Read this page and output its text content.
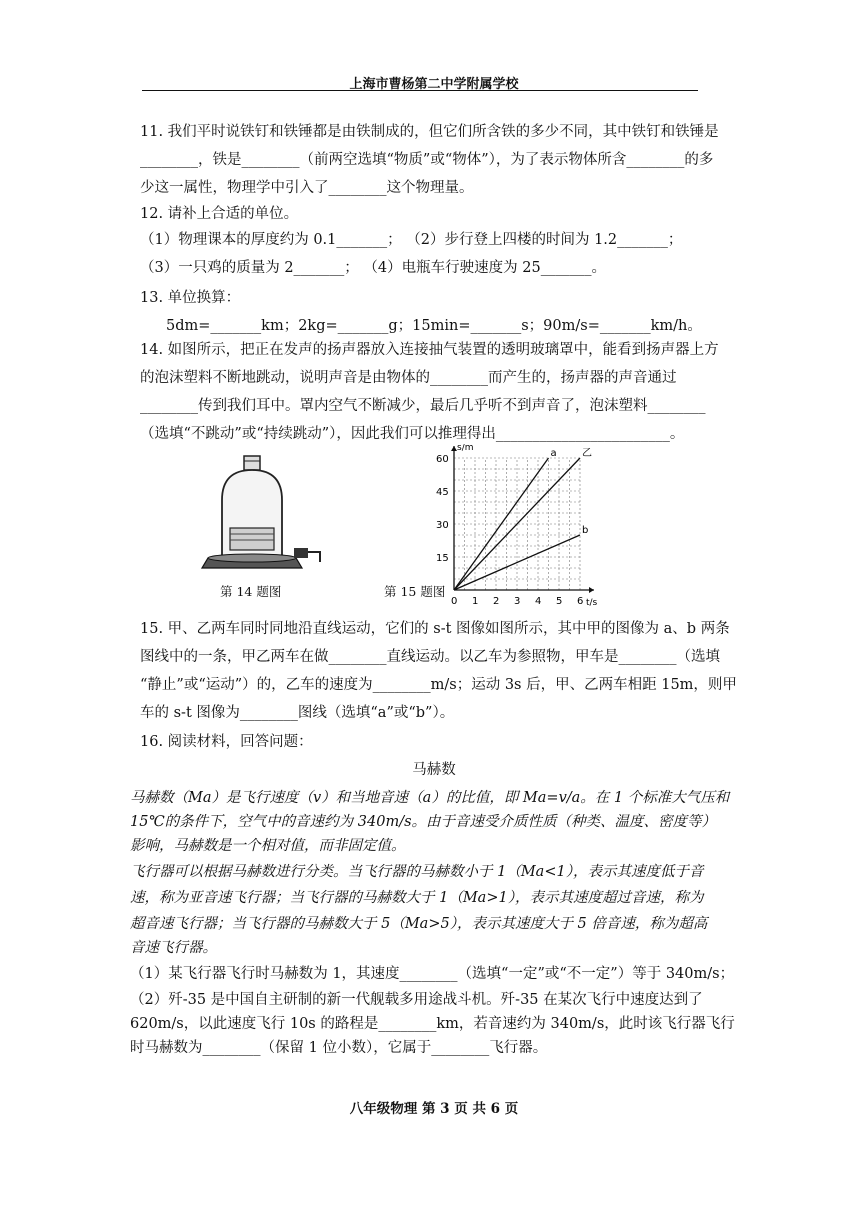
上海市曹杨第二中学附属学校
11. 我们平时说铁钉和铁锤都是由铁制成的，但它们所含铁的多少不同，其中铁钉和铁锤是
________，铁是________（前两空选填“物质”或“物体”），为了表示物体所含________的多
少这一属性，物理学中引入了________这个物理量。
12. 请补上合适的单位。
（1）物理课本的厚度约为 0.1_______； （2）步行登上四楼的时间为 1.2_______；
（3）一只鸡的质量为 2_______； （4）电瓶车行驶速度为 25_______。
13. 单位换算：
5dm=_______km；2kg=_______g；15min=_______s；90m/s=_______km/h。
14. 如图所示，把正在发声的扬声器放入连接抽气装置的透明玻璃罩中，能看到扬声器上方
的泡沫塑料不断地跳动，说明声音是由物体的________而产生的，扬声器的声音通过
________传到我们耳中。罩内空气不断减少，最后几乎听不到声音了，泡沫塑料________
（选填“不跳动”或“持续跳动”），因此我们可以推理得出________________________。
第 14 题图
t/s
s/m
0 1 2 3 4 5 6
15
30
45
60
a	乙
b
第 15 题图
15. 甲、乙两车同时同地沿直线运动，它们的 s-t 图像如图所示，其中甲的图像为 a、b 两条
图线中的一条，甲乙两车在做________直线运动。以乙车为参照物，甲车是________（选填
“静止”或“运动”）的，乙车的速度为________m/s；运动 3s 后，甲、乙两车相距 15m，则甲
车的 s-t 图像为________图线（选填“a”或“b”）。
16. 阅读材料，回答问题：
马赫数
马赫数（Ma）是飞行速度（v）和当地音速（a）的比值，即 Ma=v/a。在 1 个标准大气压和
15℃的条件下，空气中的音速约为 340m/s。由于音速受介质性质（种类、温度、密度等）
影响，马赫数是一个相对值，而非固定值。
飞行器可以根据马赫数进行分类。当飞行器的马赫数小于 1（Ma<1），表示其速度低于音
速，称为亚音速飞行器；当飞行器的马赫数大于 1（Ma>1），表示其速度超过音速，称为
超音速飞行器；当飞行器的马赫数大于 5（Ma>5），表示其速度大于 5 倍音速，称为超高
音速飞行器。
（1）某飞行器飞行时马赫数为 1，其速度________（选填“一定”或“不一定”）等于 340m/s；
（2）歼-35 是中国自主研制的新一代舰载多用途战斗机。歼-35 在某次飞行中速度达到了
620m/s，以此速度飞行 10s 的路程是________km，若音速约为 340m/s，此时该飞行器飞行
时马赫数为________（保留 1 位小数），它属于________飞行器。
八年级物理 第 3 页 共 6 页
